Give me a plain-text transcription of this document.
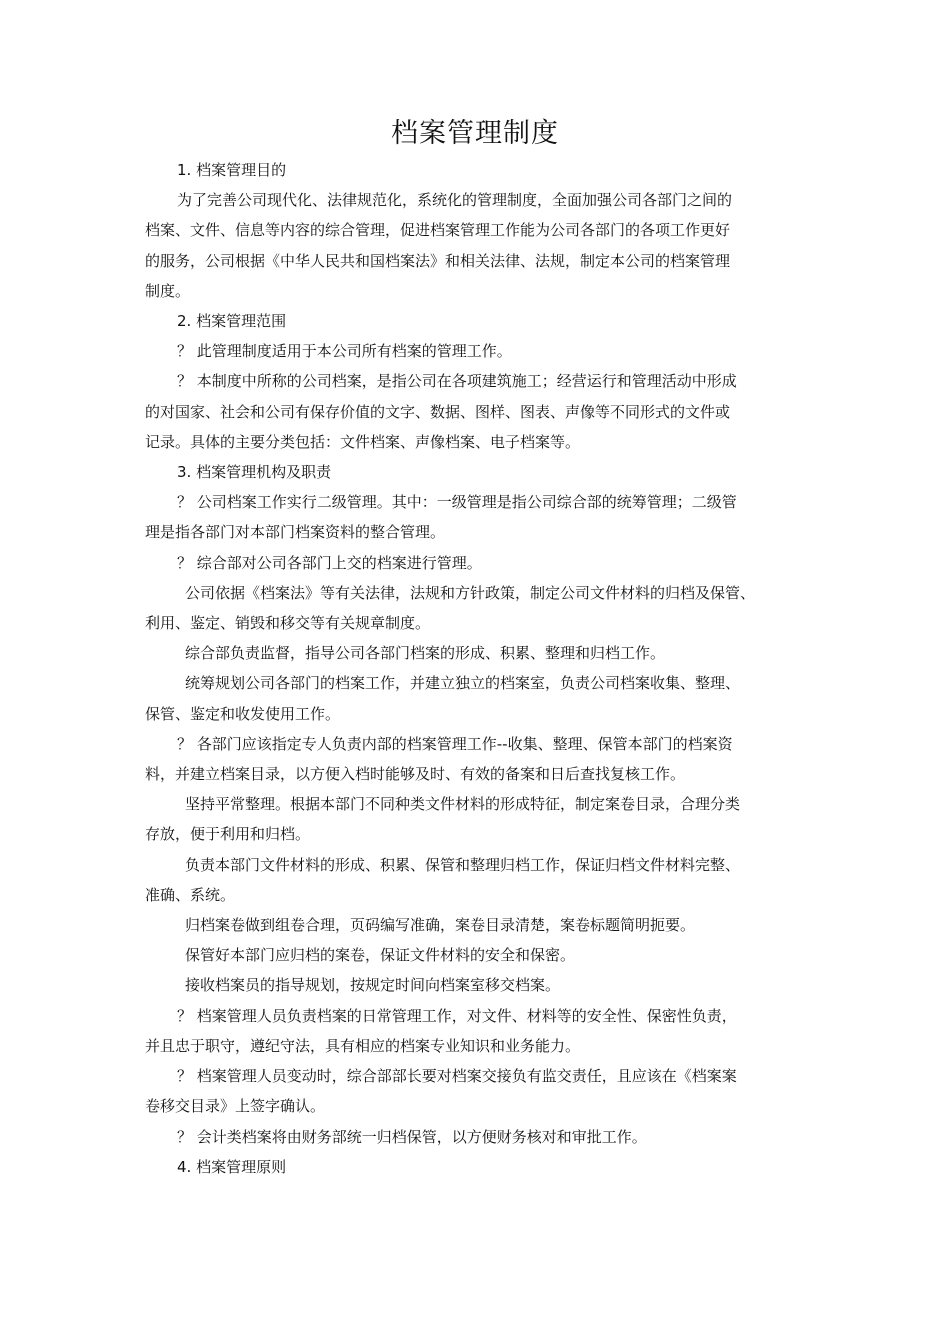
档案管理制度
1. 档案管理目的
为了完善公司现代化、法律规范化，系统化的管理制度，全面加强公司各部门之间的
档案、文件、信息等内容的综合管理，促进档案管理工作能为公司各部门的各项工作更好
的服务，公司根据《中华人民共和国档案法》和相关法律、法规，制定本公司的档案管理
制度。
2. 档案管理范围
？ 此管理制度适用于本公司所有档案的管理工作。
？ 本制度中所称的公司档案，是指公司在各项建筑施工；经营运行和管理活动中形成
的对国家、社会和公司有保存价值的文字、数据、图样、图表、声像等不同形式的文件或
记录。具体的主要分类包括：文件档案、声像档案、电子档案等。
3. 档案管理机构及职责
？ 公司档案工作实行二级管理。其中：一级管理是指公司综合部的统筹管理；二级管
理是指各部门对本部门档案资料的整合管理。
？ 综合部对公司各部门上交的档案进行管理。
公司依据《档案法》等有关法律，法规和方针政策，制定公司文件材料的归档及保管、
利用、鉴定、销毁和移交等有关规章制度。
综合部负责监督，指导公司各部门档案的形成、积累、整理和归档工作。
统筹规划公司各部门的档案工作，并建立独立的档案室，负责公司档案收集、整理、
保管、鉴定和收发使用工作。
？ 各部门应该指定专人负责内部的档案管理工作--收集、整理、保管本部门的档案资
料，并建立档案目录，以方便入档时能够及时、有效的备案和日后查找复核工作。
坚持平常整理。根据本部门不同种类文件材料的形成特征，制定案卷目录，合理分类
存放，便于利用和归档。
负责本部门文件材料的形成、积累、保管和整理归档工作，保证归档文件材料完整、
准确、系统。
归档案卷做到组卷合理，页码编写准确，案卷目录清楚，案卷标题简明扼要。
保管好本部门应归档的案卷，保证文件材料的安全和保密。
接收档案员的指导规划，按规定时间向档案室移交档案。
？ 档案管理人员负责档案的日常管理工作，对文件、材料等的安全性、保密性负责，
并且忠于职守，遵纪守法，具有相应的档案专业知识和业务能力。
？ 档案管理人员变动时，综合部部长要对档案交接负有监交责任，且应该在《档案案
卷移交目录》上签字确认。
？ 会计类档案将由财务部统一归档保管，以方便财务核对和审批工作。
4. 档案管理原则
